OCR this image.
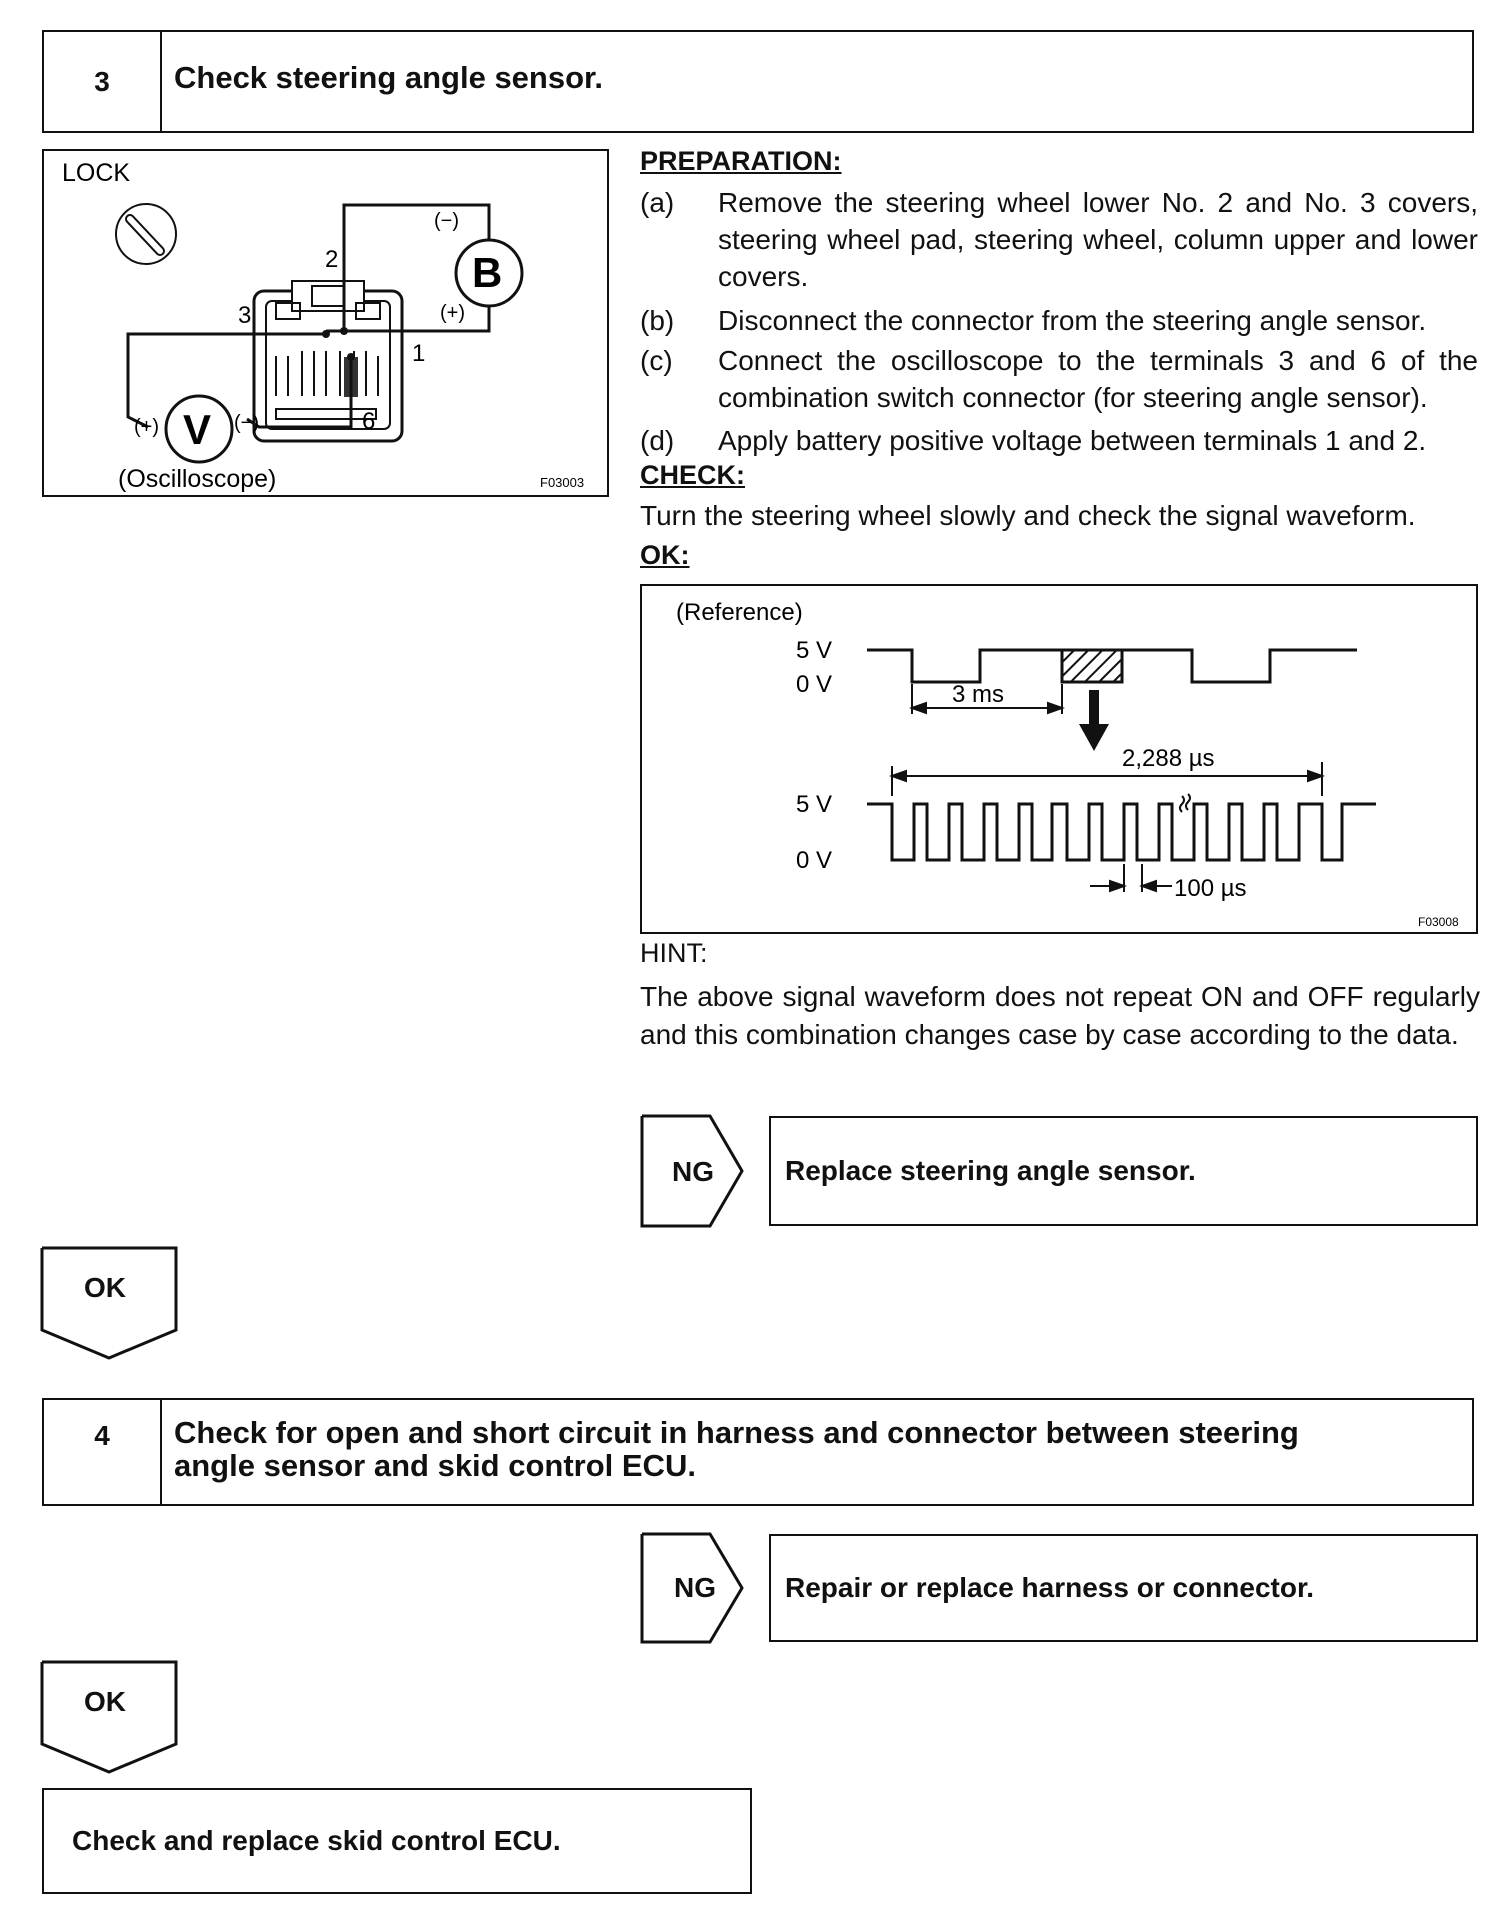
3	Check steering angle sensor.
LOCK
B
V
(−)
(+)
(+)	(−)
2
3
1
6
(Oscilloscope)	F03003
PREPARATION:
(a) Remove the steering wheel lower No. 2 and No. 3 covers, steering wheel pad, steering wheel, column upper and lower covers.
(b) Disconnect the connector from the steering angle sensor.
(c) Connect the oscilloscope to the terminals 3 and 6 of the combination switch connector (for steering angle sensor).
(d) Apply battery positive voltage between terminals 1 and 2.
CHECK:
Turn the steering wheel slowly and check the signal waveform.
OK:
(Reference)
5 V
0 V	3 ms
2,288 µs
5 V
0 V
100 µs
F03008
HINT:
The above signal waveform does not repeat ON and OFF regularly and this combination changes case by case according to the data.
NG	Replace steering angle sensor.
OK
4	Check for open and short circuit in harness and connector between steering
angle sensor and skid control ECU.
NG Repair or replace harness or connector.
OK
Check and replace skid control ECU.
